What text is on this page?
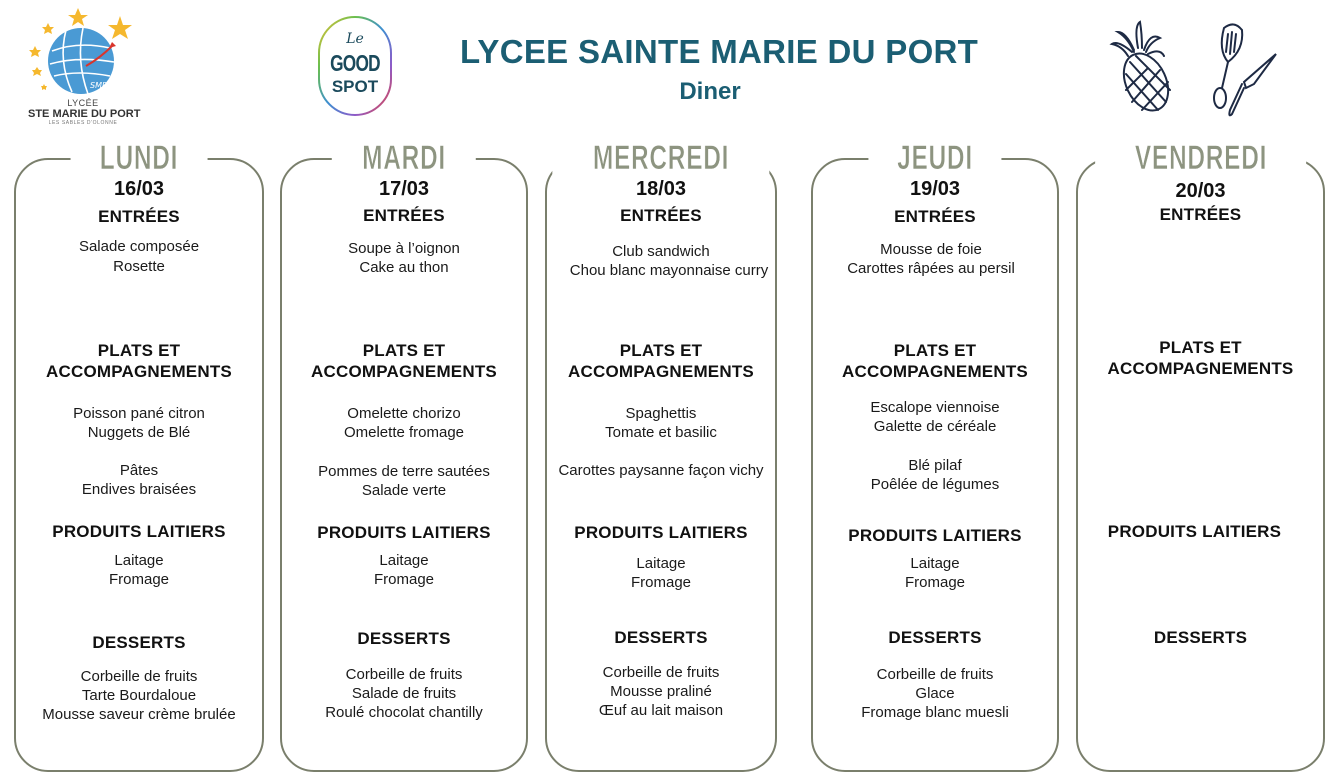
SMP
LYCÉE
STE MARIE DU PORT
LES SABLES D'OLONNE
Le
GOOD
SPOT
LYCEE SAINTE MARIE DU PORT
Diner
LUNDI
16/03
ENTRÉES
Salade composée
Rosette
PLATS ET
ACCOMPAGNEMENTS
Poisson pané citron
Nuggets de Blé
Pâtes
Endives braisées
PRODUITS LAITIERS
Laitage
Fromage
DESSERTS
Corbeille de fruits
Tarte Bourdaloue
Mousse saveur crème brulée
MARDI
17/03
ENTRÉES
Soupe à l’oignon
Cake au thon
PLATS ET
ACCOMPAGNEMENTS
Omelette chorizo
Omelette fromage
Pommes de terre sautées
Salade verte
PRODUITS LAITIERS
Laitage
Fromage
DESSERTS
Corbeille de fruits
Salade de fruits
Roulé chocolat chantilly
MERCREDI
18/03
ENTRÉES
Club sandwich
Chou blanc mayonnaise curry
PLATS ET
ACCOMPAGNEMENTS
Spaghettis
Tomate et basilic
Carottes paysanne façon vichy
PRODUITS LAITIERS
Laitage
Fromage
DESSERTS
Corbeille de fruits
Mousse praliné
Œuf au lait maison
JEUDI
19/03
ENTRÉES
Mousse de foie
Carottes râpées au persil
PLATS ET
ACCOMPAGNEMENTS
Escalope viennoise
Galette de céréale
Blé pilaf
Poêlée de légumes
PRODUITS LAITIERS
Laitage
Fromage
DESSERTS
Corbeille de fruits
Glace
Fromage blanc muesli
VENDREDI
20/03
ENTRÉES
PLATS ET
ACCOMPAGNEMENTS
PRODUITS LAITIERS
DESSERTS
